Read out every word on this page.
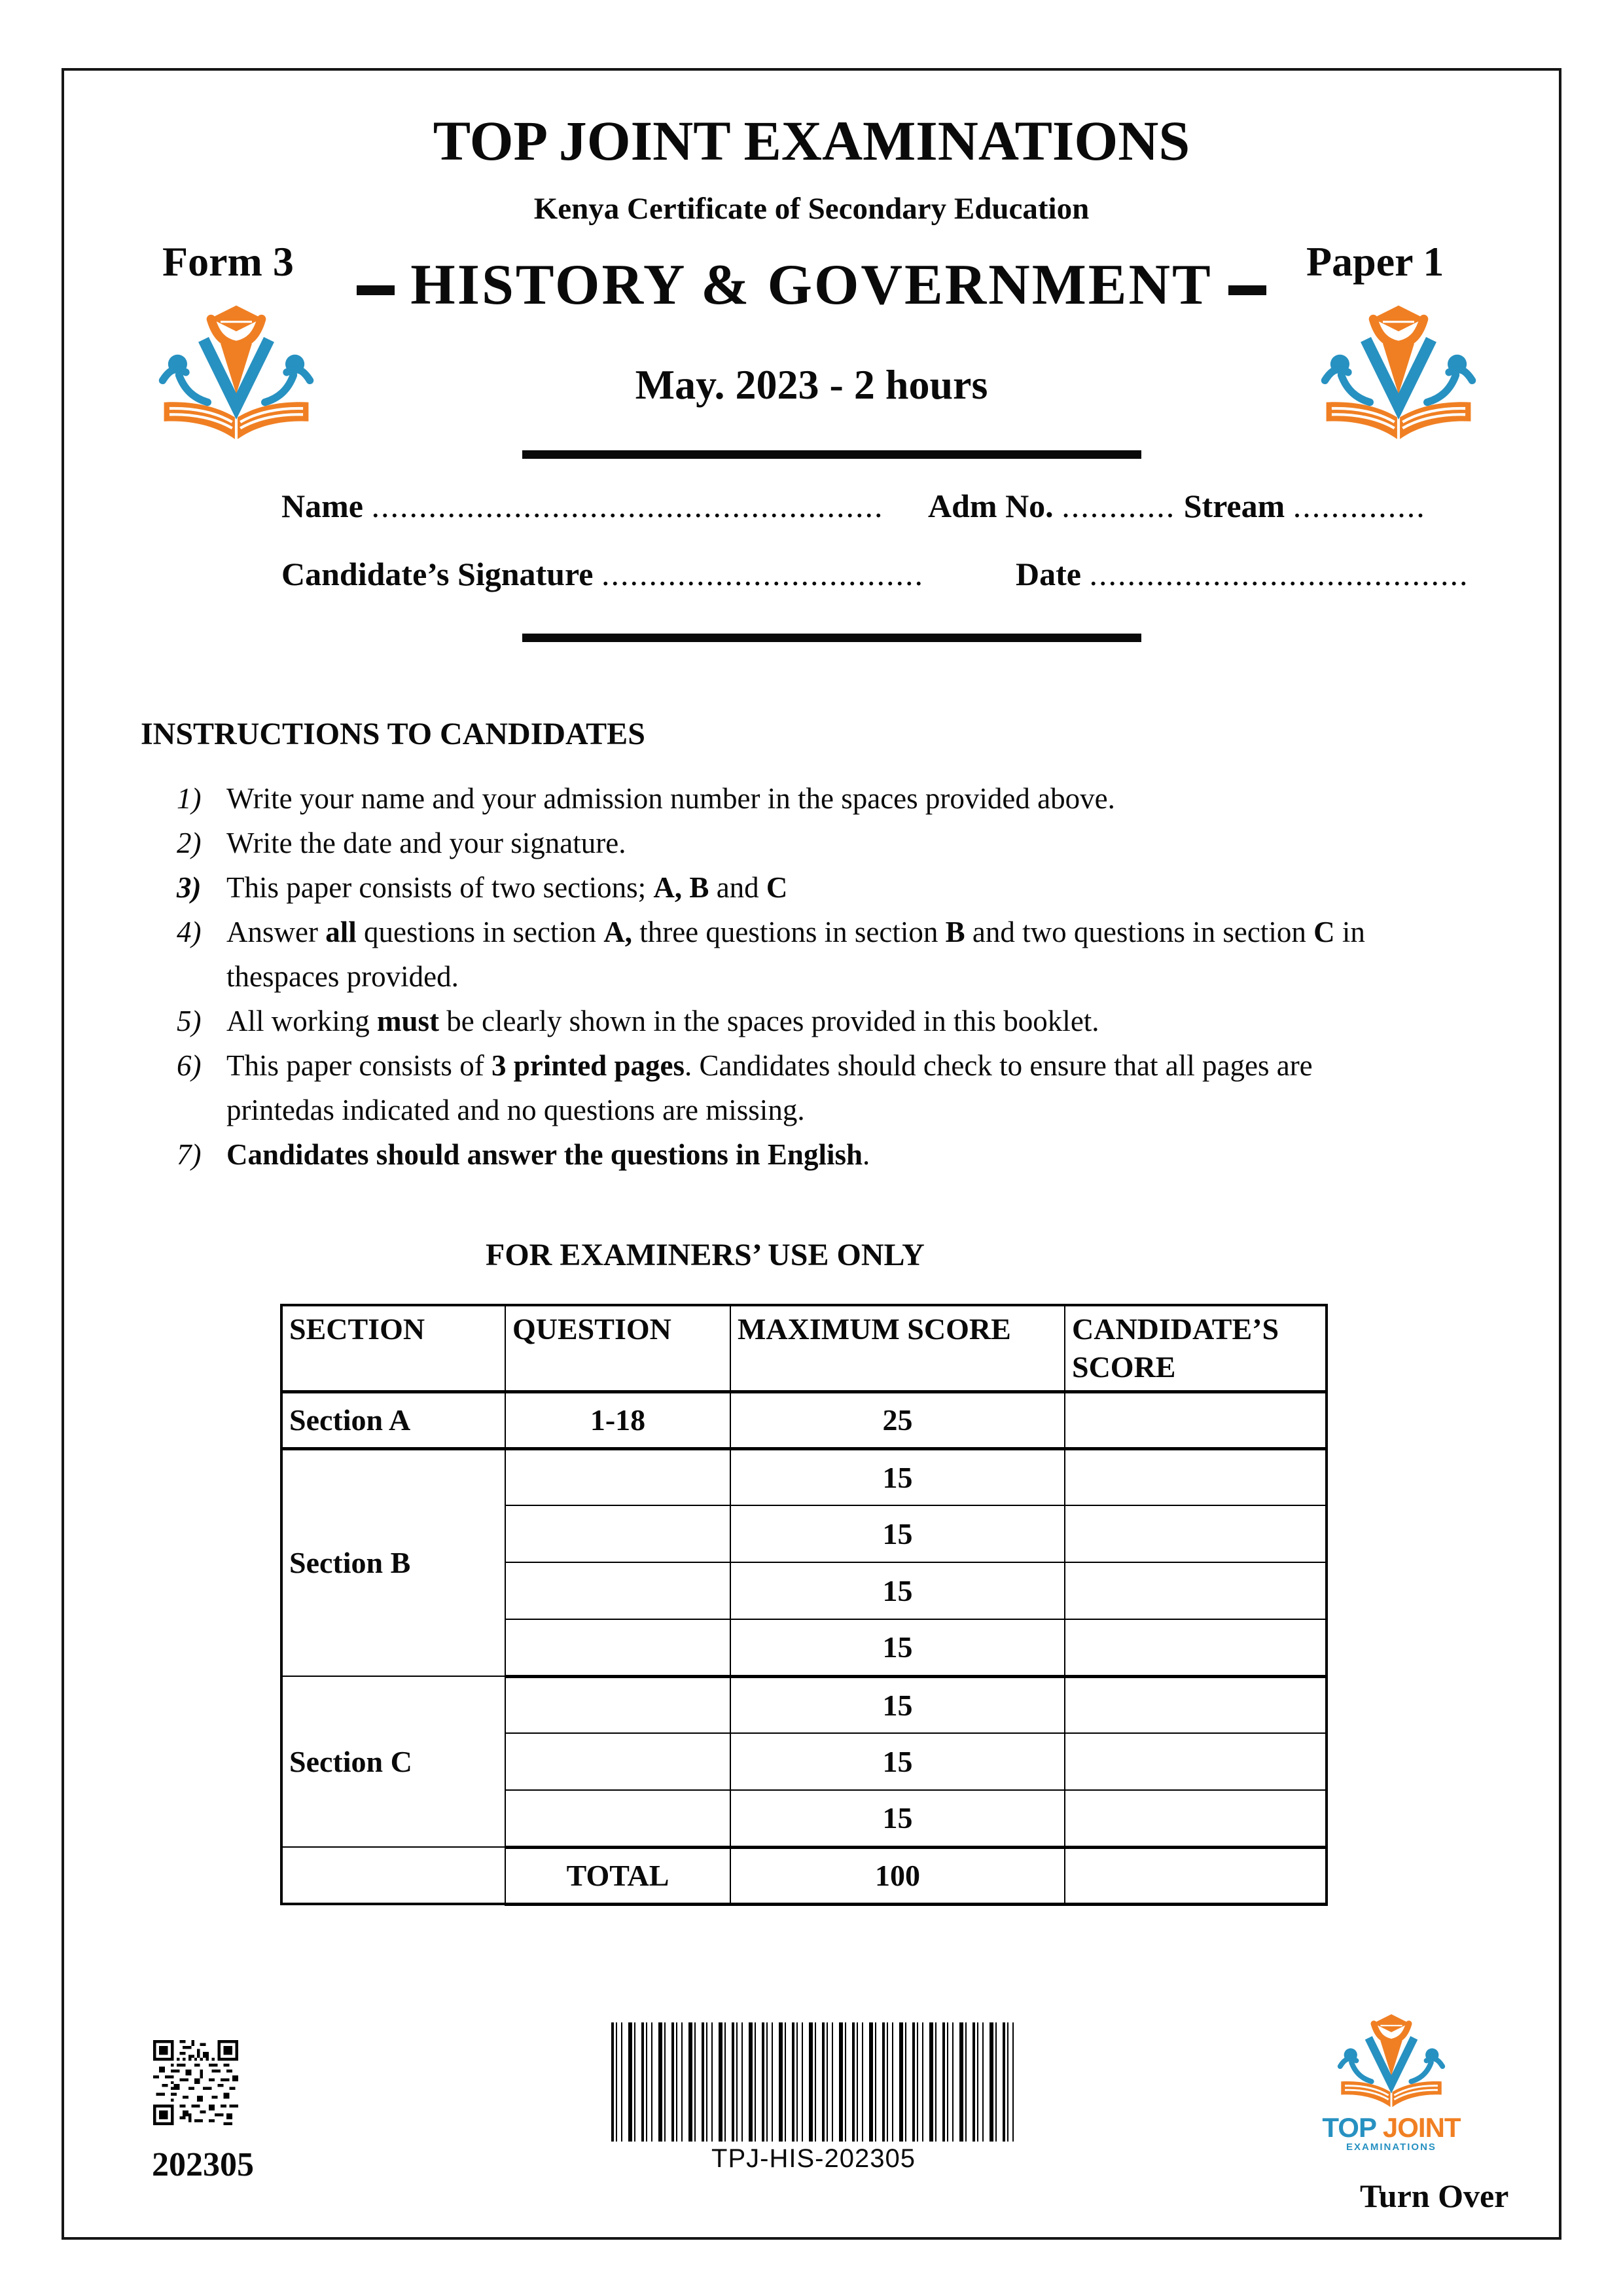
TOP JOINT EXAMINATIONS
Kenya Certificate of Secondary Education
Form 3	Paper 1
HISTORY & GOVERNMENT
May. 2023 - 2 hours
Name ...................................................... Adm No. ............ Stream ..............
Candidate’s Signature ..................................	Date ........................................
INSTRUCTIONS TO CANDIDATES
1) Write your name and your admission number in the spaces provided above.
2) Write the date and your signature.
3) This paper consists of two sections; A, B and C
4) Answer all questions in section A, three questions in section B and two questions in section C in
thespaces provided.
5) All working must be clearly shown in the spaces provided in this booklet.
6) This paper consists of 3 printed pages. Candidates should check to ensure that all pages are
printedas indicated and no questions are missing.
7) Candidates should answer the questions in English.
FOR EXAMINERS’ USE ONLY
SECTION	QUESTION	MAXIMUM SCORE	CANDIDATE’S SCORE
Section A	1-18	25	
Section B		15	
		15	
		15	
		15	
Section C		15	
		15	
		15	
	TOTAL	100	
202305	TPJ-HIS-202305
TOP JOINT
EXAMINATIONS
Turn Over
